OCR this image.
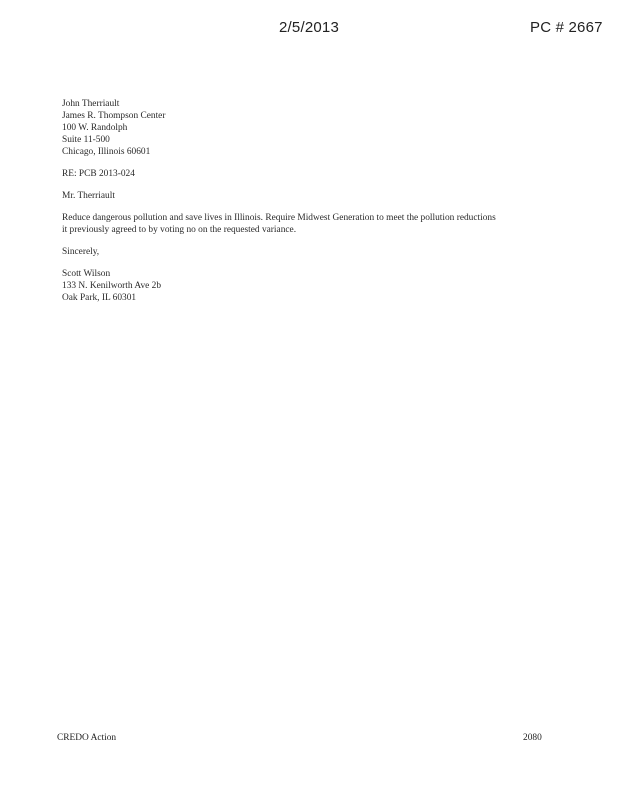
2/5/2013	PC # 2667
John Therriault
James R. Thompson Center
100 W. Randolph
Suite 11-500
Chicago, Illinois 60601
RE: PCB 2013-024
Mr. Therriault
Reduce dangerous pollution and save lives in Illinois. Require Midwest Generation to meet the pollution reductions
it previously agreed to by voting no on the requested variance.
Sincerely,
Scott Wilson
133 N. Kenilworth Ave 2b
Oak Park, IL 60301
CREDO Action	2080
